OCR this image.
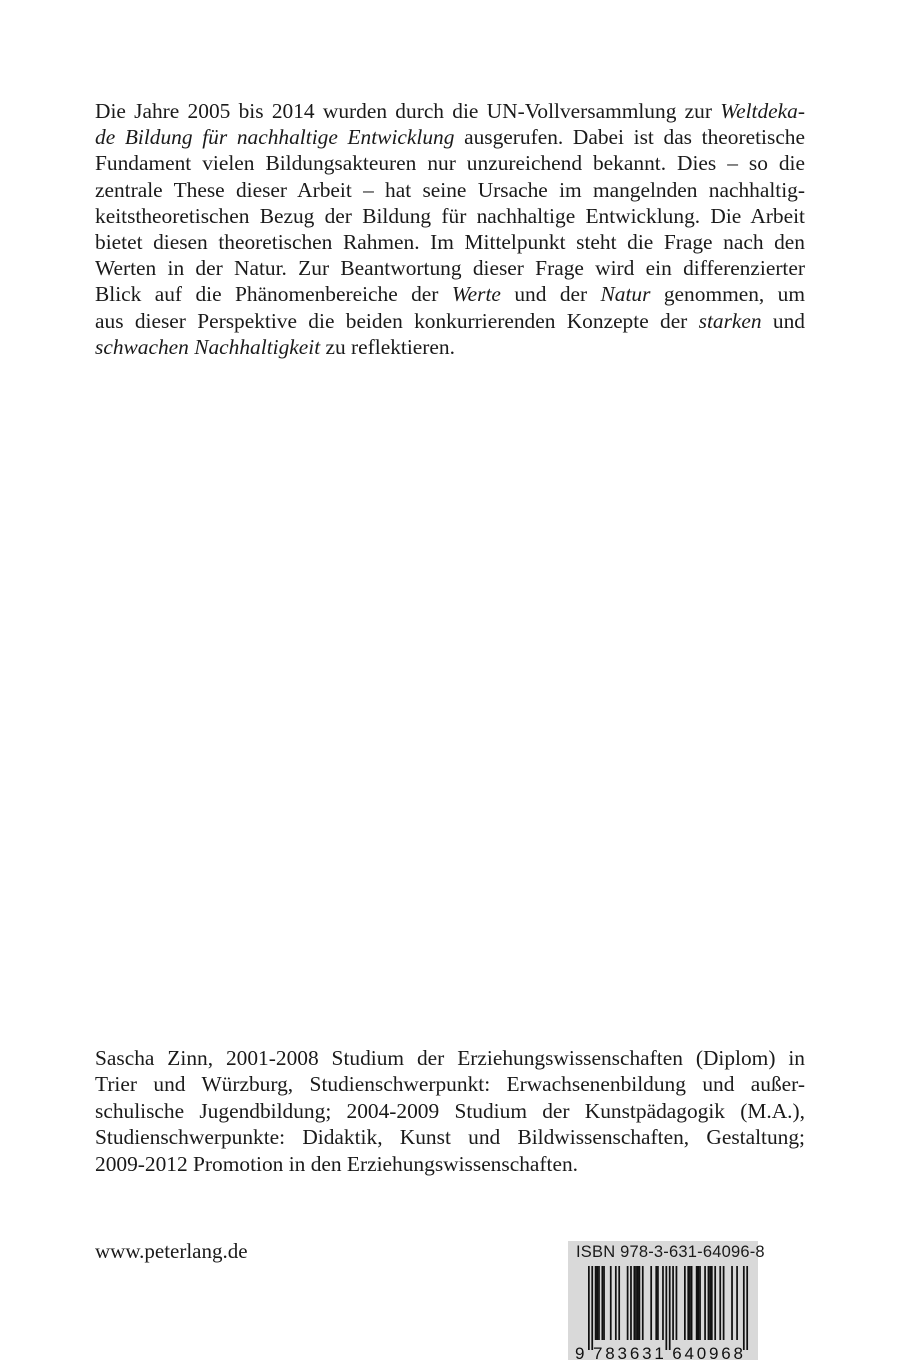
Die Jahre 2005 bis 2014 wurden durch die UN-Vollversammlung zur Weltdeka-
de Bildung für nachhaltige Entwicklung ausgerufen. Dabei ist das theoretische
Fundament vielen Bildungsakteuren nur unzureichend bekannt. Dies – so die
zentrale These dieser Arbeit – hat seine Ursache im mangelnden nachhaltig-
keitstheoretischen Bezug der Bildung für nachhaltige Entwicklung. Die Arbeit
bietet diesen theoretischen Rahmen. Im Mittelpunkt steht die Frage nach den
Werten in der Natur. Zur Beantwortung dieser Frage wird ein differenzierter
Blick auf die Phänomenbereiche der Werte und der Natur genommen, um
aus dieser Perspektive die beiden konkurrierenden Konzepte der starken und
schwachen Nachhaltigkeit zu reflektieren.
Sascha Zinn, 2001-2008 Studium der Erziehungswissenschaften (Diplom) in
Trier und Würzburg, Studienschwerpunkt: Erwachsenenbildung und außer-
schulische Jugendbildung; 2004-2009 Studium der Kunstpädagogik (M.A.),
Studienschwerpunkte: Didaktik, Kunst und Bildwissenschaften, Gestaltung;
2009-2012 Promotion in den Erziehungswissenschaften.
www.peterlang.de	ISBN 978-3-631-64096-8
9 783631 640968
